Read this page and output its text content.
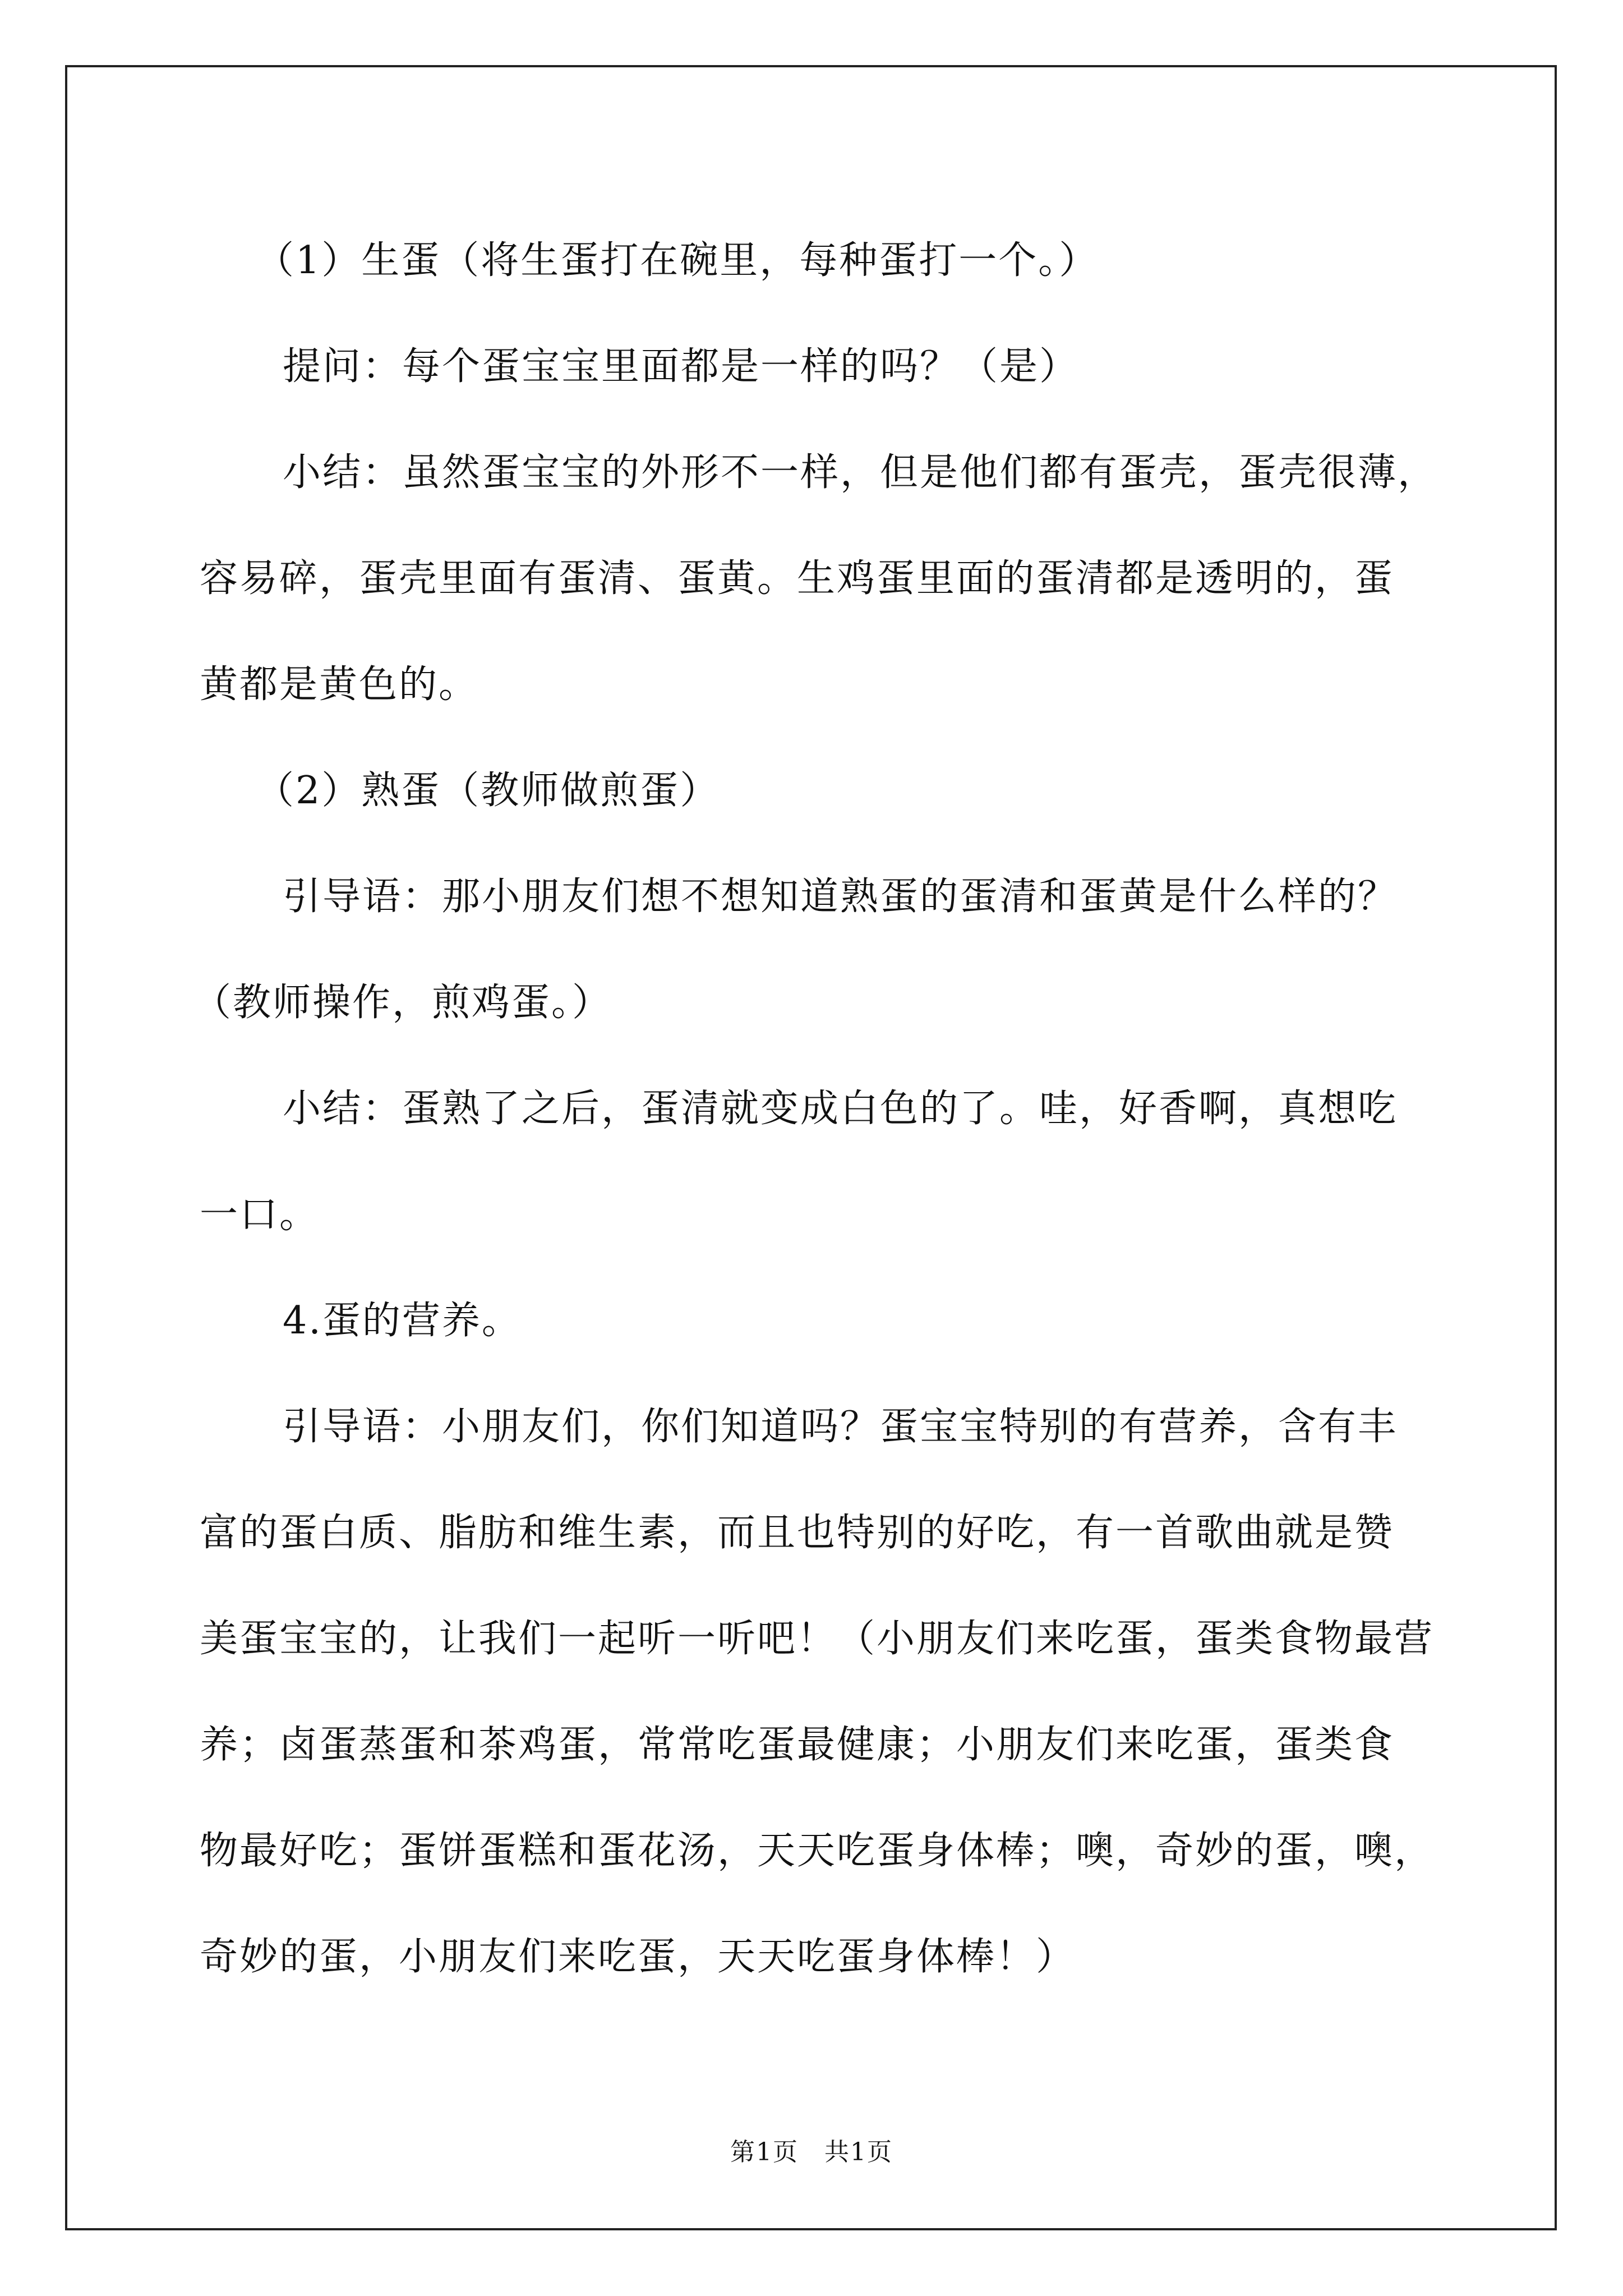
（1）生蛋（将生蛋打在碗里，每种蛋打一个。）

提问：每个蛋宝宝里面都是一样的吗？（是）

小结：虽然蛋宝宝的外形不一样，但是他们都有蛋壳，蛋壳很薄，

容易碎，蛋壳里面有蛋清、蛋黄。生鸡蛋里面的蛋清都是透明的，蛋

黄都是黄色的。

（2）熟蛋（教师做煎蛋）

引导语：那小朋友们想不想知道熟蛋的蛋清和蛋黄是什么样的？

（教师操作，煎鸡蛋。）

小结：蛋熟了之后，蛋清就变成白色的了。哇，好香啊，真想吃

一口。

4.蛋的营养。

引导语：小朋友们，你们知道吗？蛋宝宝特别的有营养，含有丰

富的蛋白质、脂肪和维生素，而且也特别的好吃，有一首歌曲就是赞

美蛋宝宝的，让我们一起听一听吧！（小朋友们来吃蛋，蛋类食物最营

养；卤蛋蒸蛋和茶鸡蛋，常常吃蛋最健康；小朋友们来吃蛋，蛋类食

物最好吃；蛋饼蛋糕和蛋花汤，天天吃蛋身体棒；噢，奇妙的蛋，噢，

奇妙的蛋，小朋友们来吃蛋，天天吃蛋身体棒！）

第1页　共1页
